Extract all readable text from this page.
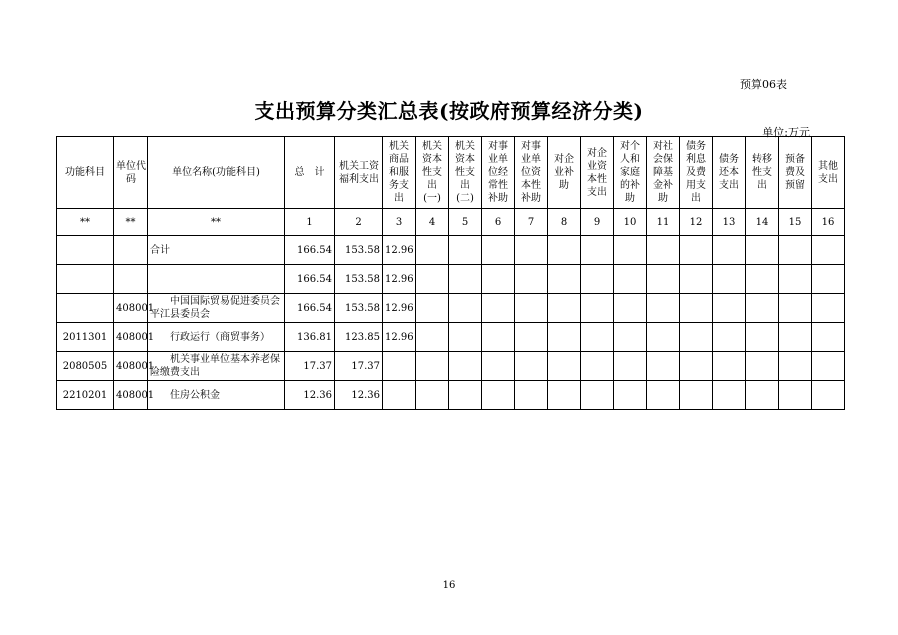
预算06表
支出预算分类汇总表(按政府预算经济分类)
单位:万元
功能科目	单位代码	单位名称(功能科目)	总　计	机关工资福利支出	机关商品和服务支出	机关资本性支出(一)	机关资本性支出(二)	对事业单位经常性补助	对事业单位资本性补助	对企业补助	对企业资本性支出	对个人和家庭的补助	对社会保障基金补助	债务利息及费用支出	债务还本支出	转移性支出	预备费及预留	其他支出
**	**	**	1	2	3	4	5	6	7	8	9	10	11	12	13	14	15	16
		合计	166.54	153.58	12.96													
			166.54	153.58	12.96													
	408001	中国国际贸易促进委员会平江县委员会	166.54	153.58	12.96													
2011301	408001	行政运行（商贸事务）	136.81	123.85	12.96													
2080505	408001	机关事业单位基本养老保险缴费支出	17.37	17.37														
2210201	408001	住房公积金	12.36	12.36														
16
